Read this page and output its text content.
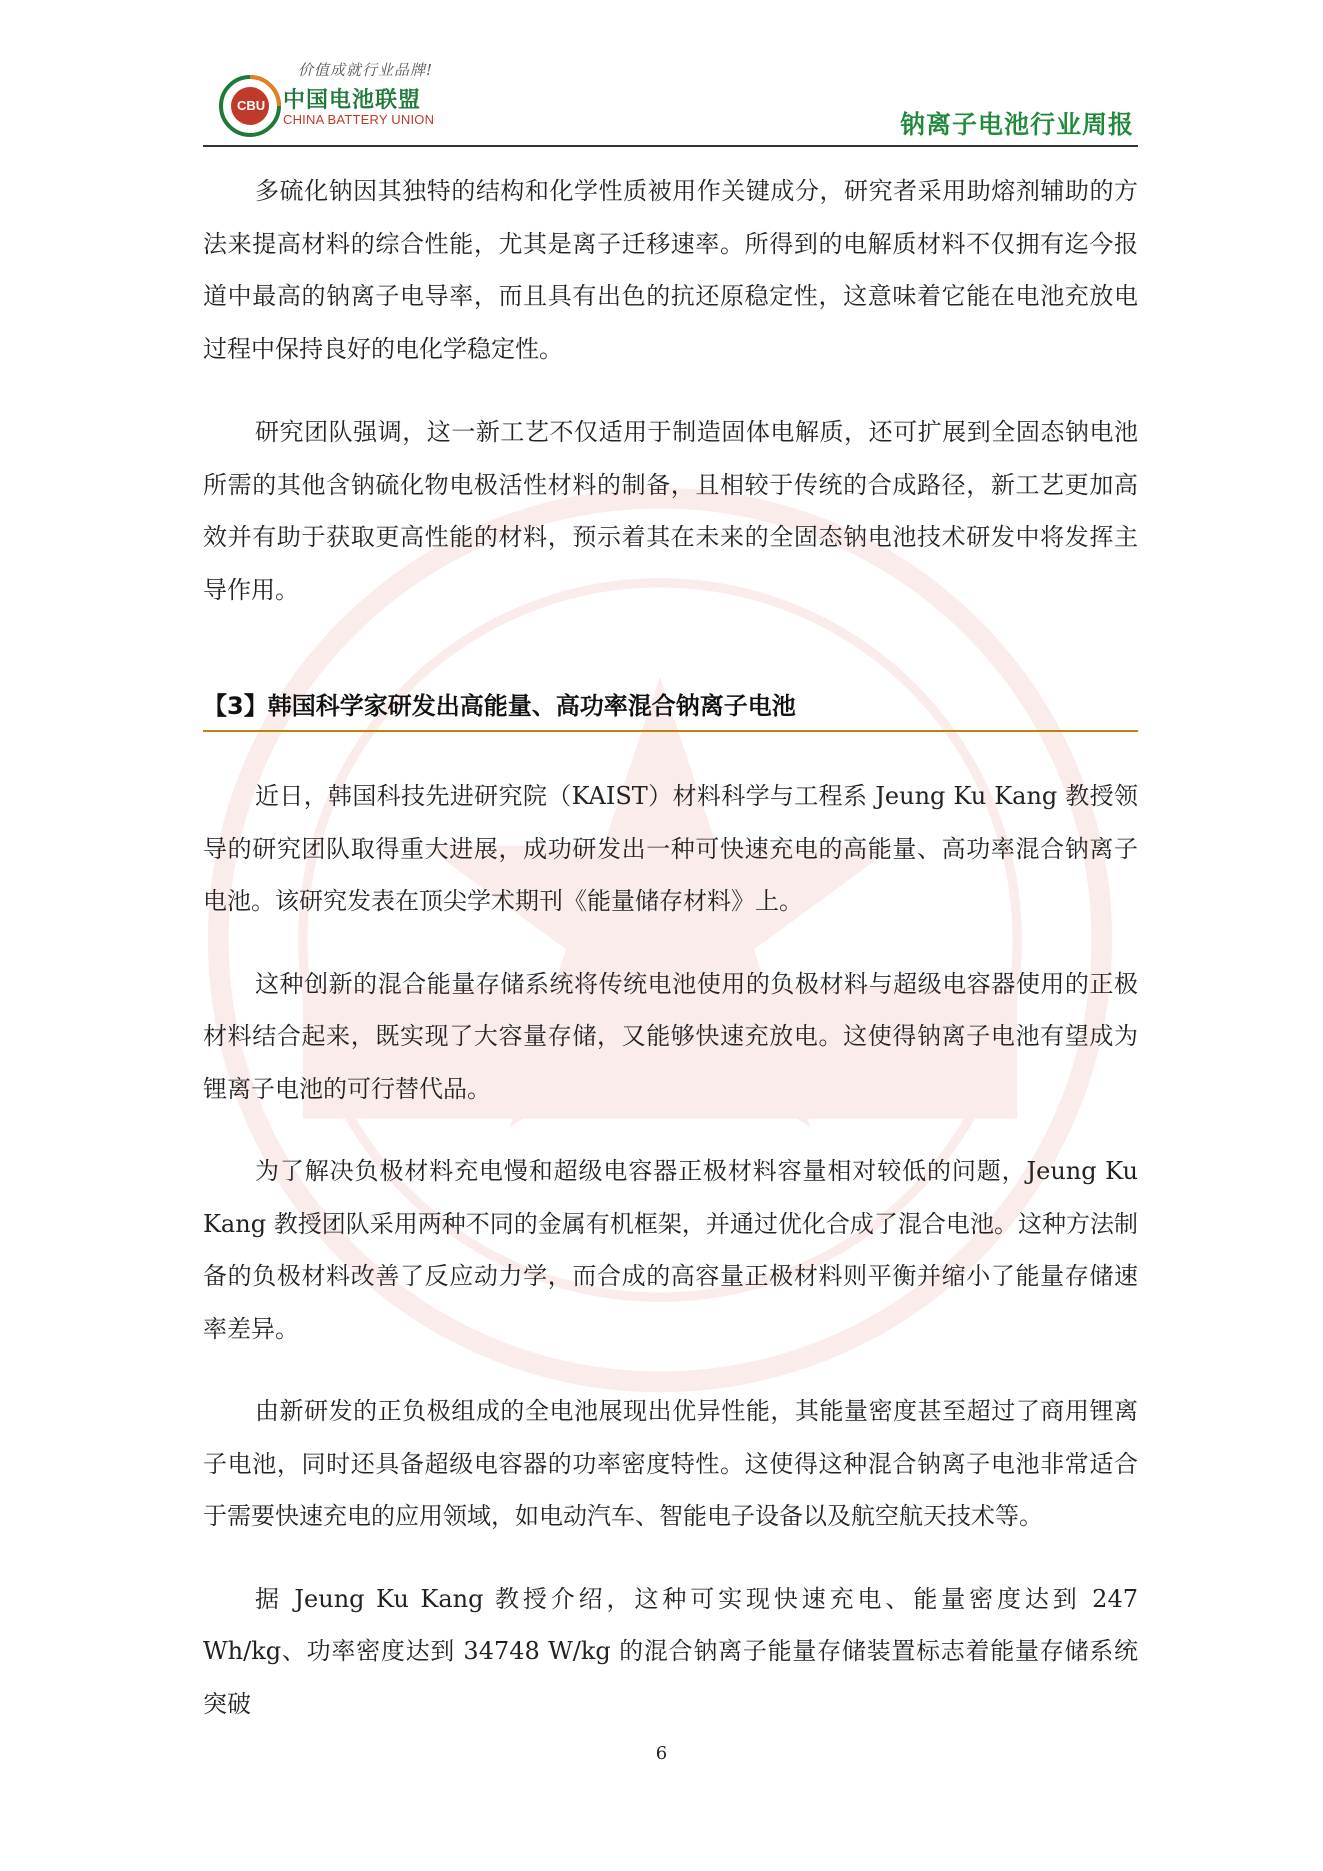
价值成就行业品牌!
CBU 中国电池联盟
CHINA BATTERY UNION	钠离子电池行业周报

多硫化钠因其独特的结构和化学性质被用作关键成分，研究者采用助熔剂辅助的方法来提高材料的综合性能，尤其是离子迁移速率。所得到的电解质材料不仅拥有迄今报道中最高的钠离子电导率，而且具有出色的抗还原稳定性，这意味着它能在电池充放电过程中保持良好的电化学稳定性。

研究团队强调，这一新工艺不仅适用于制造固体电解质，还可扩展到全固态钠电池所需的其他含钠硫化物电极活性材料的制备，且相较于传统的合成路径，新工艺更加高效并有助于获取更高性能的材料，预示着其在未来的全固态钠电池技术研发中将发挥主导作用。

【3】韩国科学家研发出高能量、高功率混合钠离子电池

近日，韩国科技先进研究院（KAIST）材料科学与工程系 Jeung Ku Kang 教授领导的研究团队取得重大进展，成功研发出一种可快速充电的高能量、高功率混合钠离子电池。该研究发表在顶尖学术期刊《能量储存材料》上。

这种创新的混合能量存储系统将传统电池使用的负极材料与超级电容器使用的正极材料结合起来，既实现了大容量存储，又能够快速充放电。这使得钠离子电池有望成为锂离子电池的可行替代品。

为了解决负极材料充电慢和超级电容器正极材料容量相对较低的问题，Jeung Ku Kang 教授团队采用两种不同的金属有机框架，并通过优化合成了混合电池。这种方法制备的负极材料改善了反应动力学，而合成的高容量正极材料则平衡并缩小了能量存储速率差异。

由新研发的正负极组成的全电池展现出优异性能，其能量密度甚至超过了商用锂离子电池，同时还具备超级电容器的功率密度特性。这使得这种混合钠离子电池非常适合于需要快速充电的应用领域，如电动汽车、智能电子设备以及航空航天技术等。

据 Jeung Ku Kang 教授介绍，这种可实现快速充电、能量密度达到 247 Wh/kg、功率密度达到 34748 W/kg 的混合钠离子能量存储装置标志着能量存储系统突破

6
